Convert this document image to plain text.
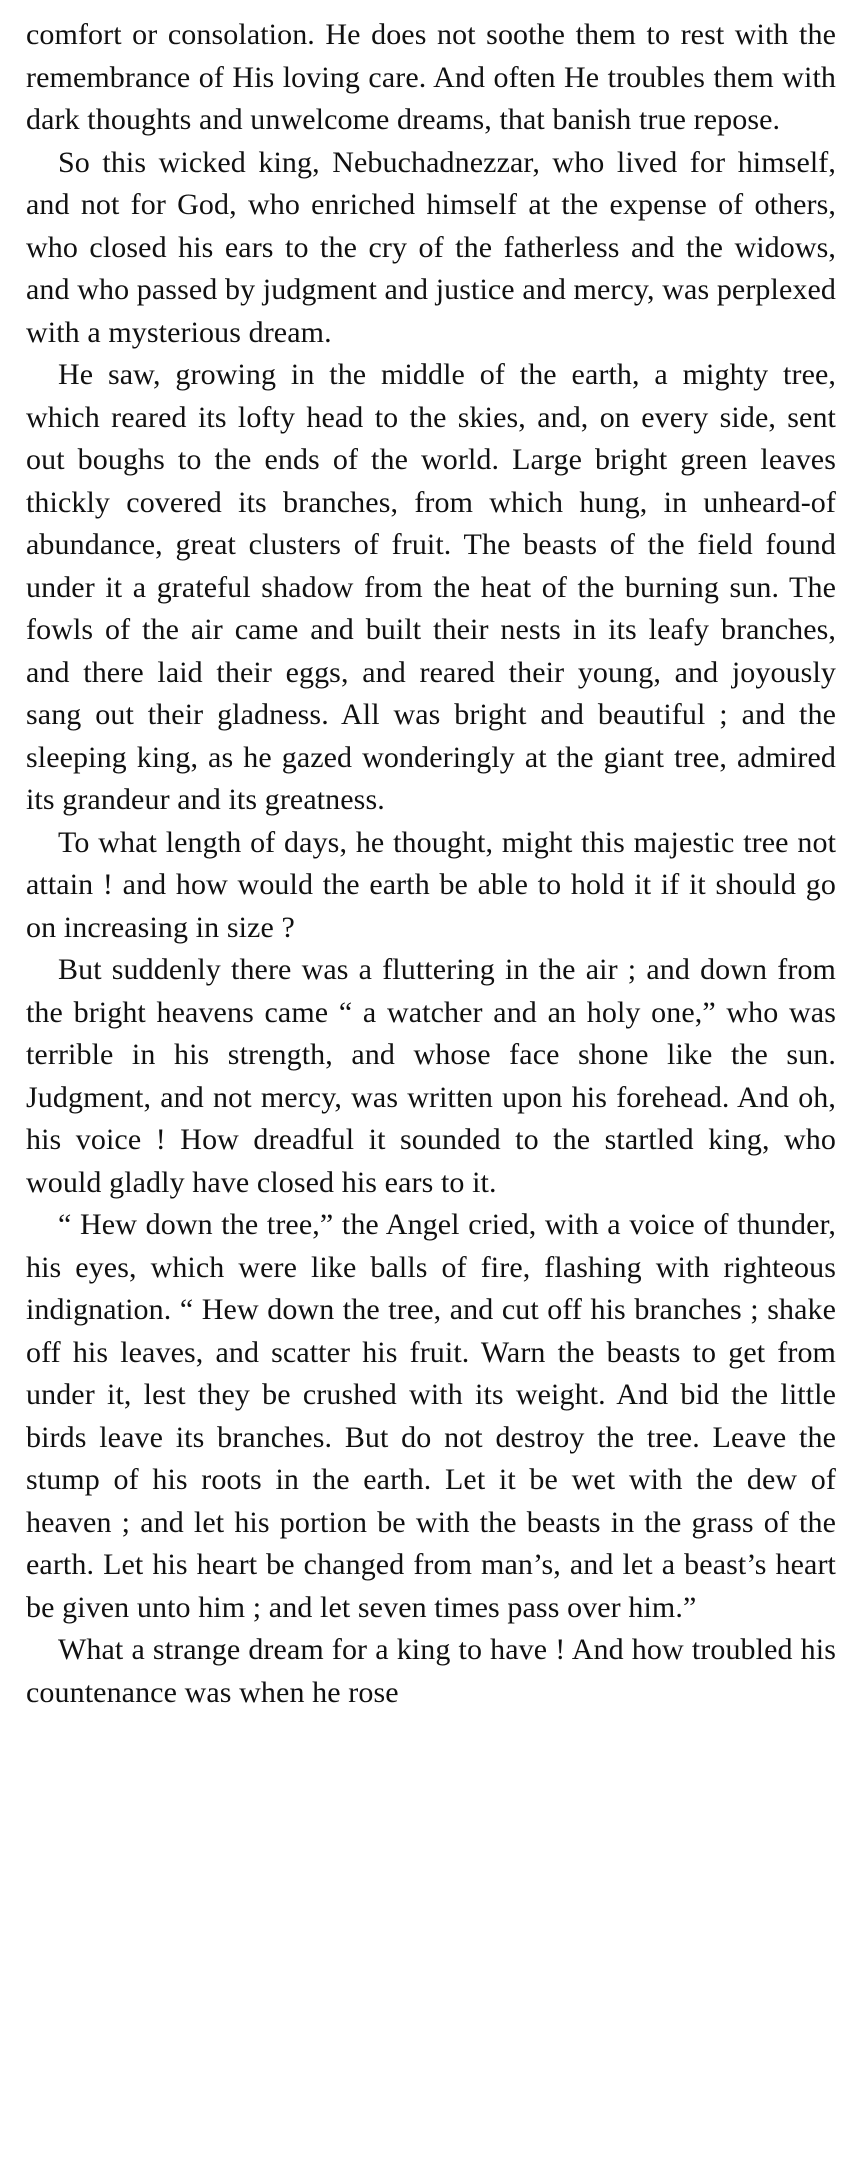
comfort or consolation. He does not soothe them to rest with the remembrance of His loving care. And often He troubles them with dark thoughts and unwelcome dreams, that banish true repose.

So this wicked king, Nebuchadnezzar, who lived for himself, and not for God, who enriched himself at the expense of others, who closed his ears to the cry of the fatherless and the widows, and who passed by judgment and justice and mercy, was perplexed with a mysterious dream.

He saw, growing in the middle of the earth, a mighty tree, which reared its lofty head to the skies, and, on every side, sent out boughs to the ends of the world. Large bright green leaves thickly covered its branches, from which hung, in unheard-of abundance, great clusters of fruit. The beasts of the field found under it a grateful shadow from the heat of the burning sun. The fowls of the air came and built their nests in its leafy branches, and there laid their eggs, and reared their young, and joyously sang out their gladness. All was bright and beautiful ; and the sleeping king, as he gazed wonderingly at the giant tree, admired its grandeur and its greatness.

To what length of days, he thought, might this majestic tree not attain ! and how would the earth be able to hold it if it should go on increasing in size ?

But suddenly there was a fluttering in the air ; and down from the bright heavens came “ a watcher and an holy one,” who was terrible in his strength, and whose face shone like the sun. Judgment, and not mercy, was written upon his forehead. And oh, his voice ! How dreadful it sounded to the startled king, who would gladly have closed his ears to it.

“ Hew down the tree,” the Angel cried, with a voice of thunder, his eyes, which were like balls of fire, flashing with righteous indignation. “ Hew down the tree, and cut off his branches ; shake off his leaves, and scatter his fruit. Warn the beasts to get from under it, lest they be crushed with its weight. And bid the little birds leave its branches. But do not destroy the tree. Leave the stump of his roots in the earth. Let it be wet with the dew of heaven ; and let his portion be with the beasts in the grass of the earth. Let his heart be changed from man’s, and let a beast’s heart be given unto him ; and let seven times pass over him.”

What a strange dream for a king to have ! And how troubled his countenance was when he rose
